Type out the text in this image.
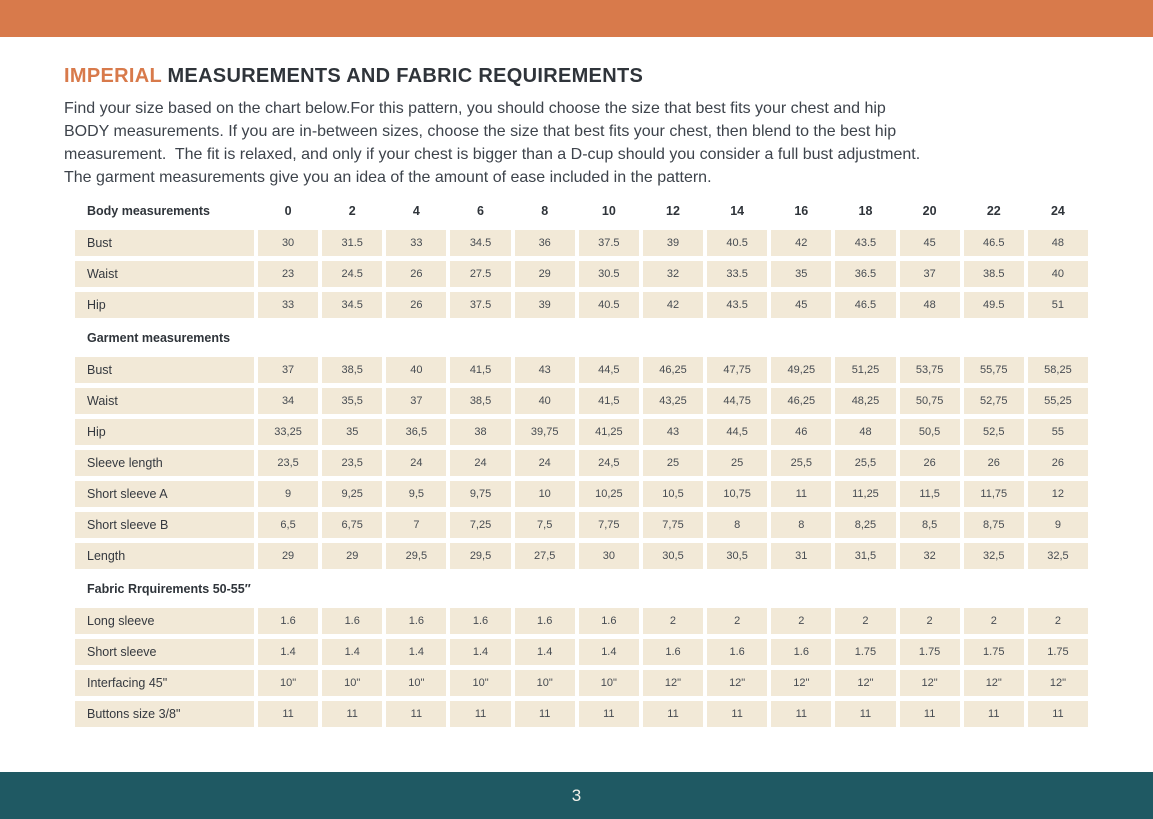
IMPERIAL MEASUREMENTS AND FABRIC REQUIREMENTS
Find your size based on the chart below.For this pattern, you should choose the size that best fits your chest and hip
BODY measurements. If you are in-between sizes, choose the size that best fits your chest, then blend to the best hip
measurement.  The fit is relaxed, and only if your chest is bigger than a D-cup should you consider a full bust adjustment.
The garment measurements give you an idea of the amount of ease included in the pattern.
Body measurements	0	2	4	6	8	10	12	14	16	18	20	22	24
Bust	30	31.5	33	34.5	36	37.5	39	40.5	42	43.5	45	46.5	48
Waist	23	24.5	26	27.5	29	30.5	32	33.5	35	36.5	37	38.5	40
Hip	33	34.5	26	37.5	39	40.5	42	43.5	45	46.5	48	49.5	51
Garment measurements
Bust	37	38,5	40	41,5	43	44,5	46,25	47,75	49,25	51,25	53,75	55,75	58,25
Waist	34	35,5	37	38,5	40	41,5	43,25	44,75	46,25	48,25	50,75	52,75	55,25
Hip	33,25	35	36,5	38	39,75	41,25	43	44,5	46	48	50,5	52,5	55
Sleeve length	23,5	23,5	24	24	24	24,5	25	25	25,5	25,5	26	26	26
Short sleeve A	9	9,25	9,5	9,75	10	10,25	10,5	10,75	11	11,25	11,5	11,75	12
Short sleeve B	6,5	6,75	7	7,25	7,5	7,75	7,75	8	8	8,25	8,5	8,75	9
Length	29	29	29,5	29,5	27,5	30	30,5	30,5	31	31,5	32	32,5	32,5
Fabric Rrquirements 50-55″
Long sleeve	1.6	1.6	1.6	1.6	1.6	1.6	2	2	2	2	2	2	2
Short sleeve	1.4	1.4	1.4	1.4	1.4	1.4	1.6	1.6	1.6	1.75	1.75	1.75	1.75
Interfacing 45"	10"	10"	10"	10"	10"	10"	12"	12"	12"	12"	12"	12"	12"
Buttons size 3/8"	11	11	11	11	11	11	11	11	11	11	11	11	11
3
